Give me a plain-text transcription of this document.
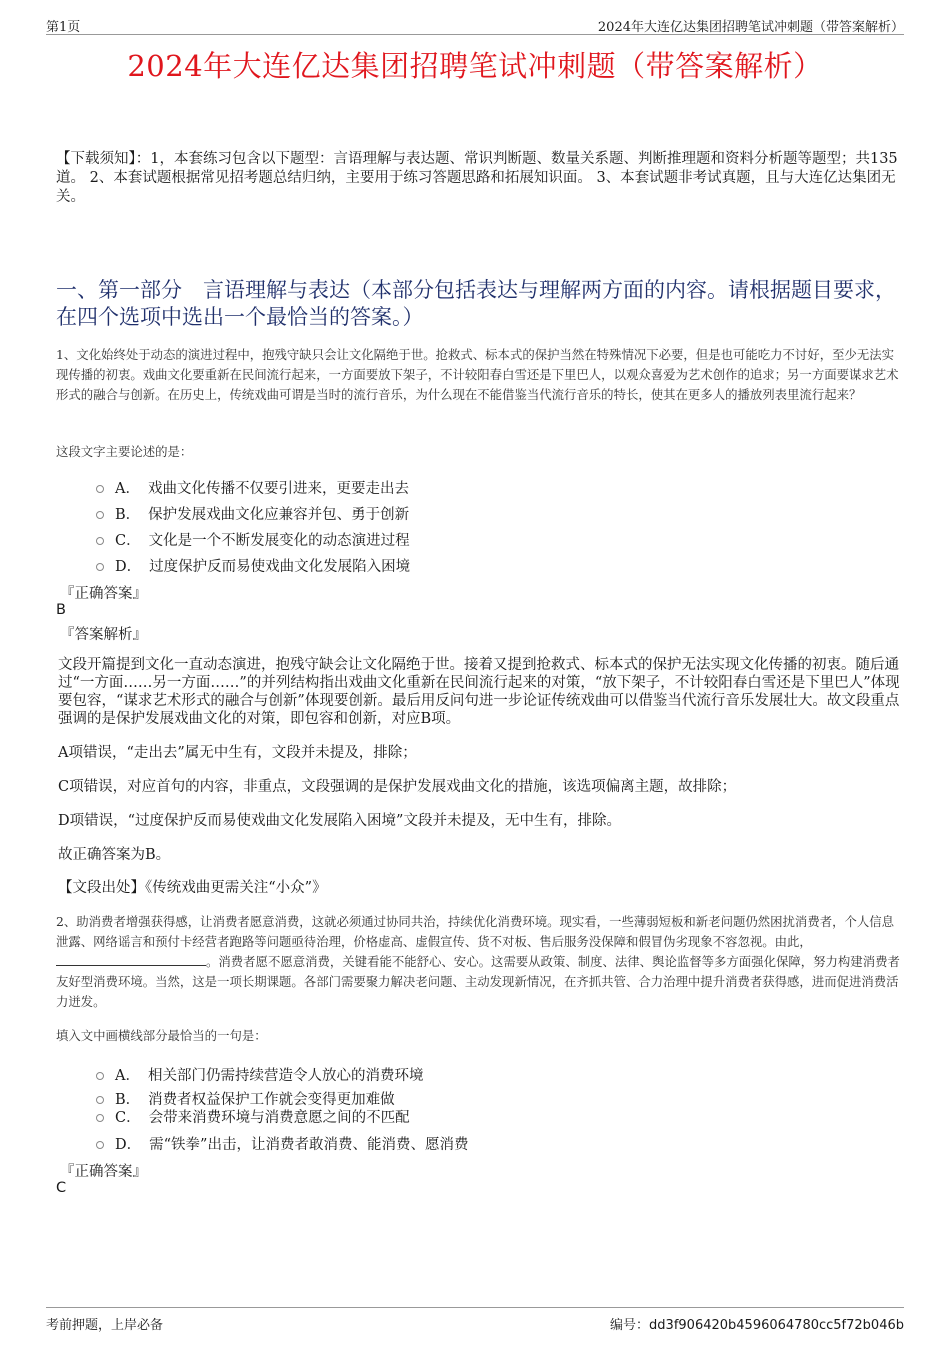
第1页	2024年大连亿达集团招聘笔试冲刺题（带答案解析）
2024年大连亿达集团招聘笔试冲刺题（带答案解析）
【下载须知】：1，本套练习包含以下题型：言语理解与表达题、常识判断题、数量关系题、判断推理题和资料分析题等题型；共135道。 2、本套试题根据常见招考题总结归纳，主要用于练习答题思路和拓展知识面。 3、本套试题非考试真题，且与大连亿达集团无关。
一、第一部分　言语理解与表达（本部分包括表达与理解两方面的内容。请根据题目要求，在四个选项中选出一个最恰当的答案。）
1、文化始终处于动态的演进过程中，抱残守缺只会让文化隔绝于世。抢救式、标本式的保护当然在特殊情况下必要，但是也可能吃力不讨好，至少无法实现传播的初衷。戏曲文化要重新在民间流行起来，一方面要放下架子，不计较阳春白雪还是下里巴人，以观众喜爱为艺术创作的追求；另一方面要谋求艺术形式的融合与创新。在历史上，传统戏曲可谓是当时的流行音乐，为什么现在不能借鉴当代流行音乐的特长，使其在更多人的播放列表里流行起来？
这段文字主要论述的是：
A． 戏曲文化传播不仅要引进来，更要走出去
B． 保护发展戏曲文化应兼容并包、勇于创新
C． 文化是一个不断发展变化的动态演进过程
D． 过度保护反而易使戏曲文化发展陷入困境
『正确答案』
B
『答案解析』
文段开篇提到文化一直动态演进，抱残守缺会让文化隔绝于世。接着又提到抢救式、标本式的保护无法实现文化传播的初衷。随后通过“一方面……另一方面……”的并列结构指出戏曲文化重新在民间流行起来的对策，“放下架子，不计较阳春白雪还是下里巴人”体现要包容，“谋求艺术形式的融合与创新”体现要创新。最后用反问句进一步论证传统戏曲可以借鉴当代流行音乐发展壮大。故文段重点强调的是保护发展戏曲文化的对策，即包容和创新，对应B项。
A项错误，“走出去”属无中生有，文段并未提及，排除；
C项错误，对应首句的内容，非重点，文段强调的是保护发展戏曲文化的措施，该选项偏离主题，故排除；
D项错误，“过度保护反而易使戏曲文化发展陷入困境”文段并未提及，无中生有，排除。
故正确答案为B。
【文段出处】《传统戏曲更需关注“小众”》
2、助消费者增强获得感，让消费者愿意消费，这就必须通过协同共治，持续优化消费环境。现实看，一些薄弱短板和新老问题仍然困扰消费者，个人信息泄露、网络谣言和预付卡经营者跑路等问题亟待治理，价格虚高、虚假宣传、货不对板、售后服务没保障和假冒伪劣现象不容忽视。由此，。消费者愿不愿意消费，关键看能不能舒心、安心。这需要从政策、制度、法律、舆论监督等多方面强化保障，努力构建消费者友好型消费环境。当然，这是一项长期课题。各部门需要聚力解决老问题、主动发现新情况，在齐抓共管、合力治理中提升消费者获得感，进而促进消费活力迸发。
填入文中画横线部分最恰当的一句是：
A． 相关部门仍需持续营造令人放心的消费环境
B． 消费者权益保护工作就会变得更加难做
C． 会带来消费环境与消费意愿之间的不匹配
D． 需“铁拳”出击，让消费者敢消费、能消费、愿消费
『正确答案』
C
考前押题，上岸必备	编号：dd3f906420b4596064780cc5f72b046b
